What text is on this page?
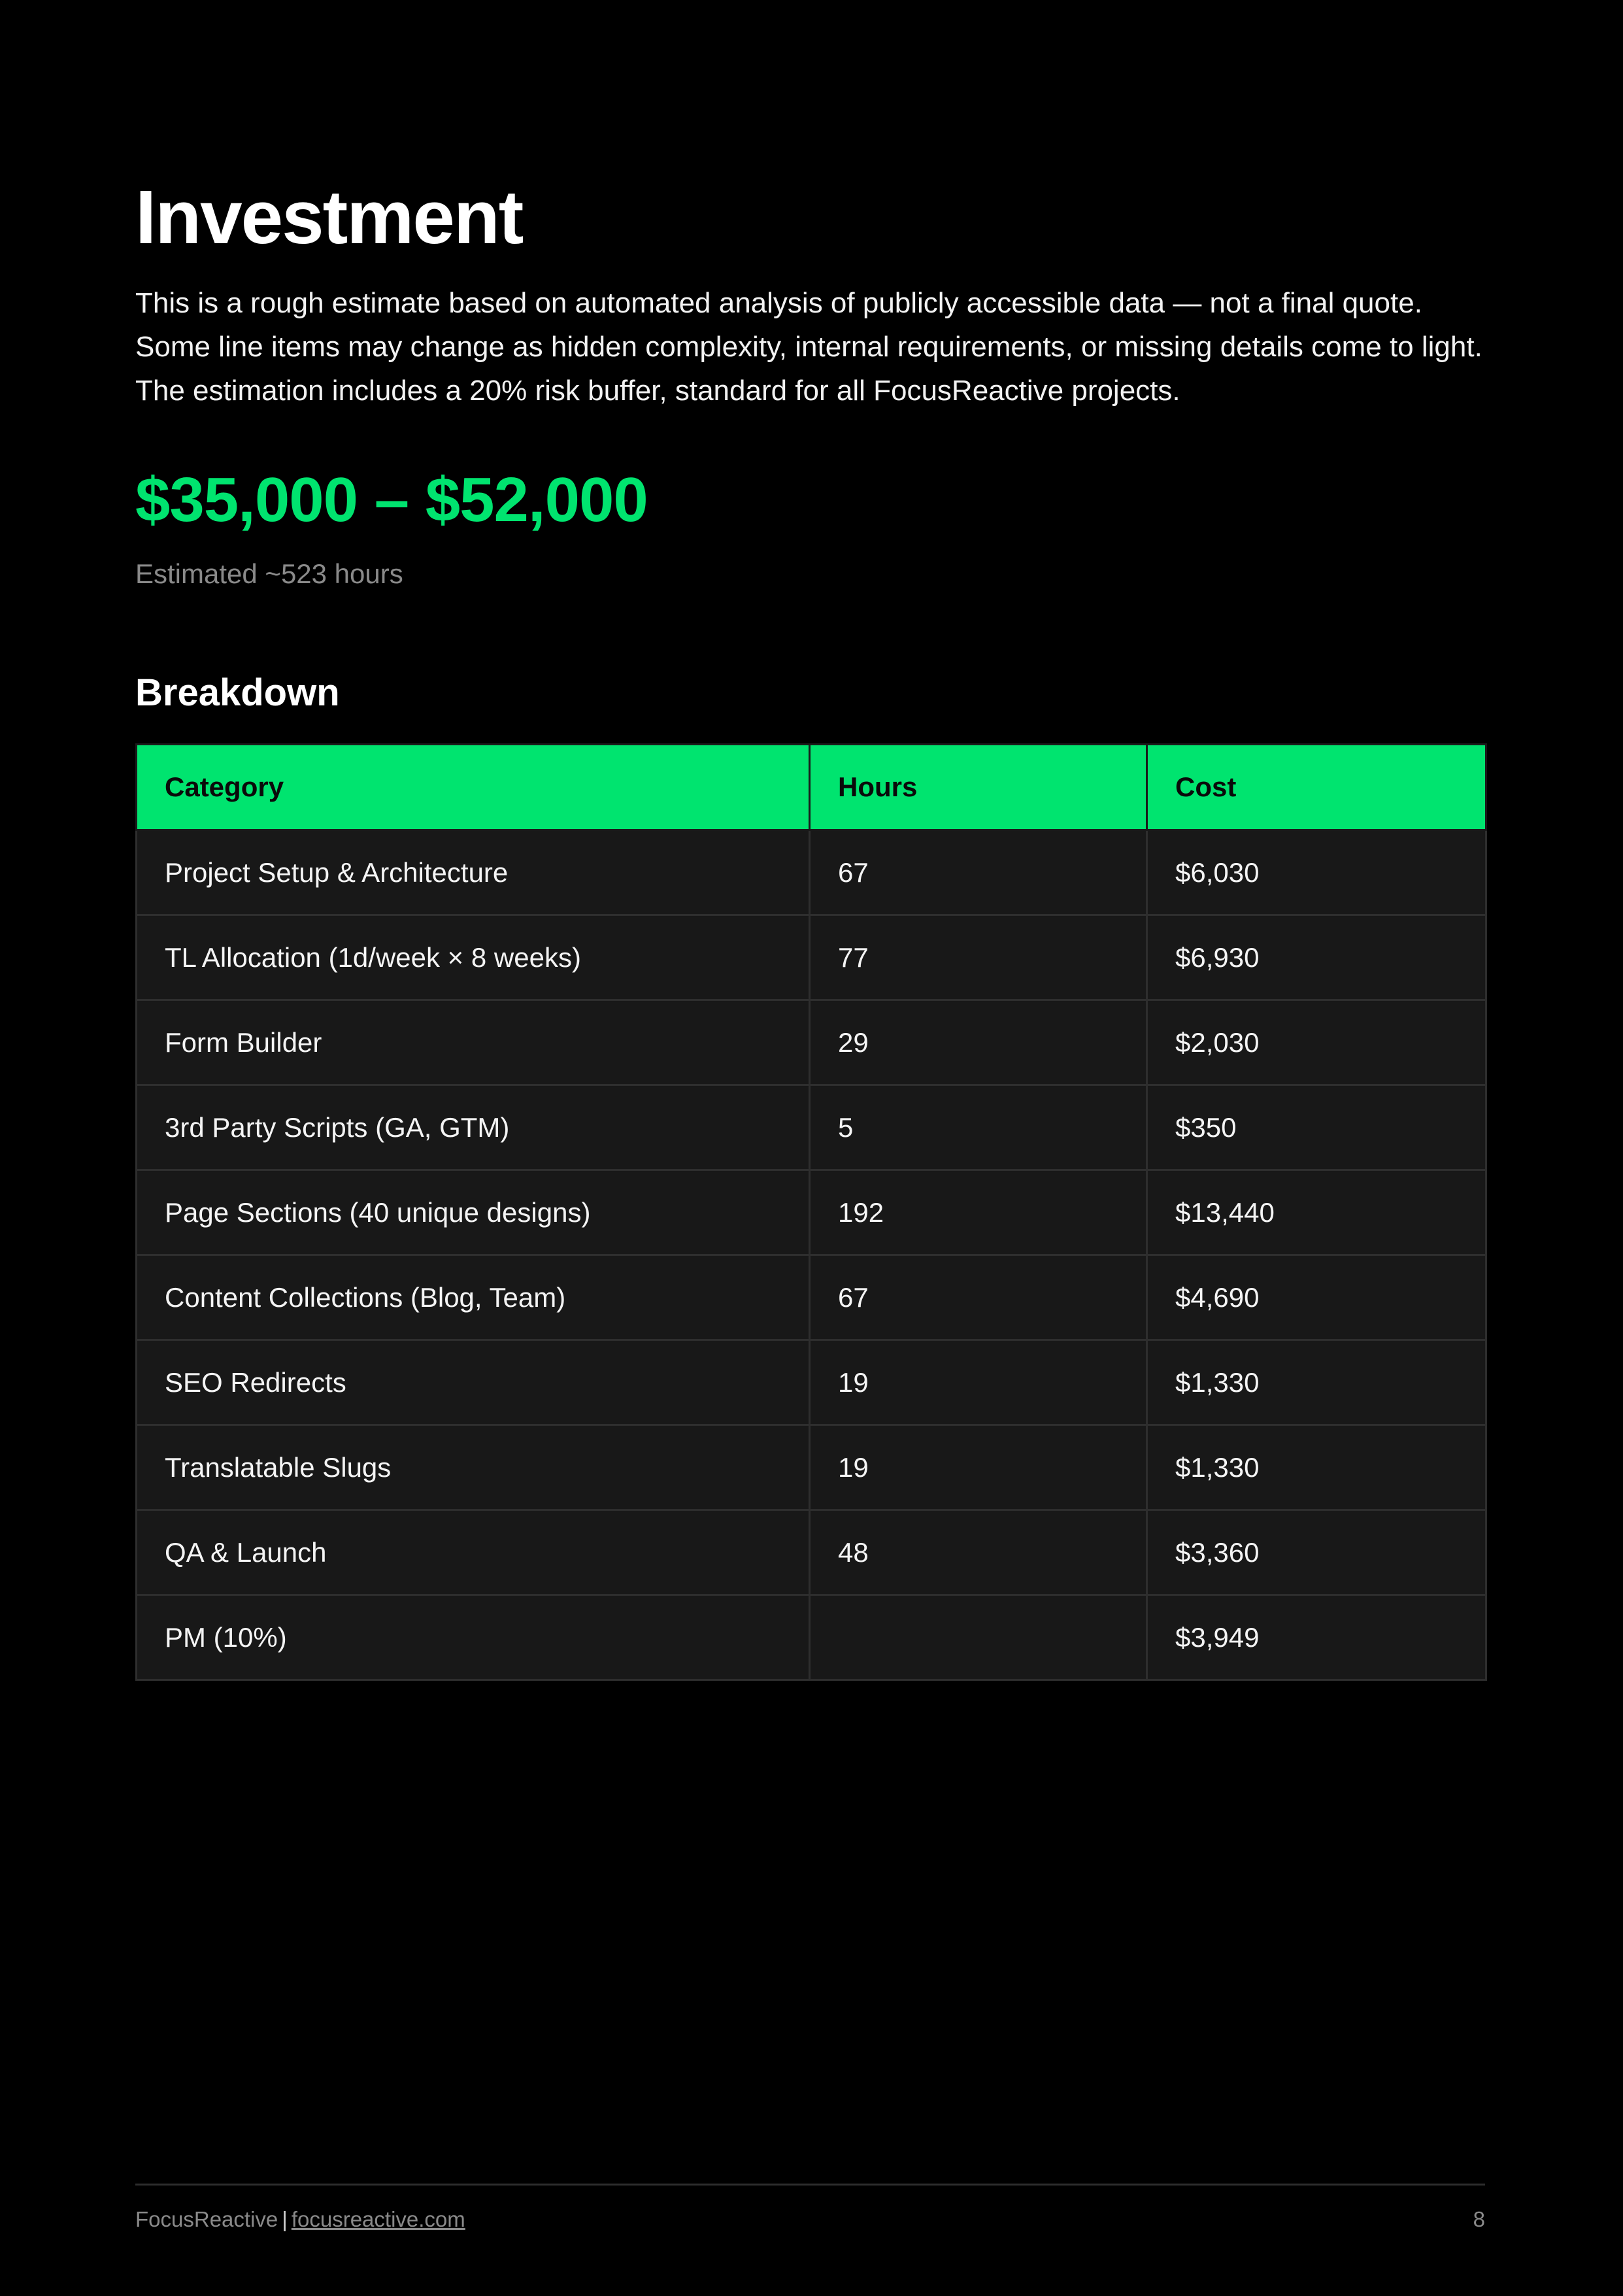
Investment

This is a rough estimate based on automated analysis of publicly accessible data — not a final quote. Some line items may change as hidden complexity, internal requirements, or missing details come to light. The estimation includes a 20% risk buffer, standard for all FocusReactive projects.

$35,000 – $52,000
Estimated ~523 hours
Breakdown
Category	Hours	Cost
Project Setup & Architecture	67	$6,030
TL Allocation (1d/week × 8 weeks)	77	$6,930
Form Builder	29	$2,030
3rd Party Scripts (GA, GTM)	5	$350
Page Sections (40 unique designs)	192	$13,440
Content Collections (Blog, Team)	67	$4,690
SEO Redirects	19	$1,330
Translatable Slugs	19	$1,330
QA & Launch	48	$3,360
PM (10%)		$3,949
FocusReactive | focusreactive.com	8
